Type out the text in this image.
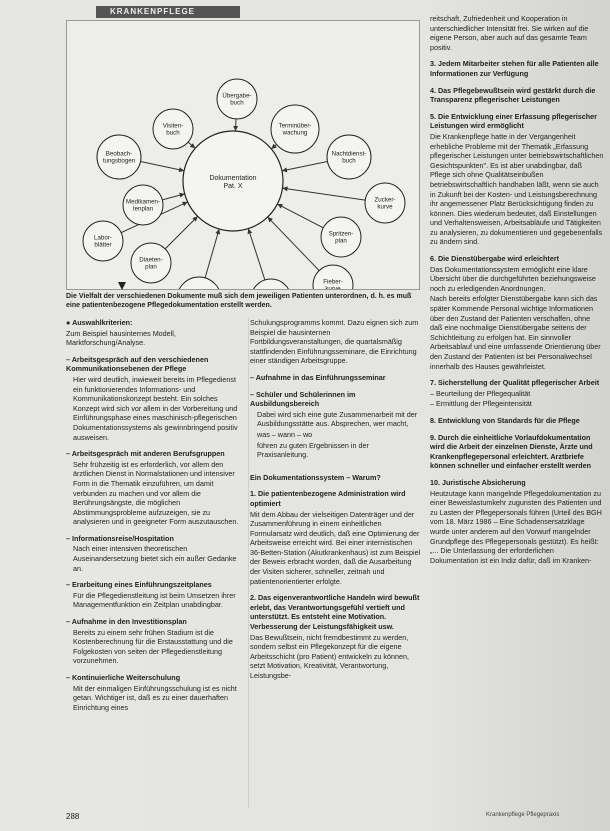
KRANKENPFLEGE
Dokumentation Pat. X
Übergabe-buch
Visiten-buch
Terminüber-wachung
Beobach-tungsbogen
Nachtdienst-buch
Medikamen-tenplan
Zucker-kurve
Labor-blätter
Spritzen-plan
Diaeten-plan
Fieber-kurve
Die Vielfalt der verschiedenen Dokumente muß sich dem jeweiligen Patienten unterordnen, d. h. es muß eine patientenbezogene Pflegedokumentation erstellt werden.

● Auswahlkriterien:

Zum Beispiel hausinternes Modell, Marktforschung/Analyse.

– Arbeitsgespräch auf den verschiedenen Kommunikationsebenen der Pflege

Hier wird deutlich, inwieweit bereits im Pflegedienst ein funktionierendes Informations- und Kommunikationskonzept besteht. Ein solches Konzept wird sich vor allem in der Vorbereitung und Einführungsphase eines maschinisch-pflegerischen Dokumentationssystems als gewinnbringend positiv ausweisen.

– Arbeitsgespräch mit anderen Berufsgruppen

Sehr frühzeitig ist es erforderlich, vor allem den ärztlichen Dienst in Normalstationen und intensiver Form in die Thematik einzuführen, um damit verbunden zu machen und vor allem die Berührungsängste, die möglichen Abstimmungsprobleme aufzuzeigen, sie zu analysieren und in geeigneter Form auszutauschen.

– Informationsreise/Hospitation

Nach einer intensiven theoretischen Auseinandersetzung bietet sich ein außer Gedanke an.

– Erarbeitung eines Einführungszeitplanes

Für die Pflegedienstleitung ist beim Umsetzen ihrer Managementfunktion ein Zeitplan unabdingbar.

– Aufnahme in den Investitionsplan

Bereits zu einem sehr frühen Stadium ist die Kostenberechnung für die Erstausstattung und die Folgekosten von seiten der Pflegedienstleitung vorzunehmen.

– Kontinuierliche Weiterschulung

Mit der einmaligen Einführungsschulung ist es nicht getan. Wichtiger ist, daß es zu einer dauerhaften Einrichtung eines

Schulungsprogramms kommt. Dazu eignen sich zum Beispiel die hausinternen Fortbildungsveranstaltungen, die quartalsmäßig stattfindenden Einführungsseminare, die Einrichtung einer ständigen Arbeitsgruppe.

– Aufnahme in das Einführungsseminar

– Schüler und Schülerinnen im Ausbildungsbereich

Dabei wird sich eine gute Zusammenarbeit mit der Ausbildungsstätte aus. Absprechen, wer macht,

was – wann – wo

führen zu guten Ergebnissen in der Praxisanleitung.

Ein Dokumentationssystem – Warum?

1. Die patientenbezogene Administration wird optimiert

Mit dem Abbau der vielseitigen Datenträger und der Zusammenführung in einem einheitlichen Formularsatz wird deutlich, daß eine Optimierung der Arbeitsweise erreicht wird. Bei einer internistischen 36-Betten-Station (Akutkrankenhaus) ist zum Beispiel der Beweis erbracht worden, daß die Ausarbeitung der Visiten sicherer, schneller, zeitnah und patientenorientierter erfolgte.

2. Das eigenverantwortliche Handeln wird bewußt erlebt, das Verantwortungsgefühl vertieft und unterstützt. Es entsteht eine Motivation. Verbesserung der Leistungsfähigkeit usw.

Das Bewußtsein, nicht fremdbestimmt zu werden, sondern selbst ein Pflegekonzept für die eigene Arbeitsschicht (pro Patient) entwickeln zu können, setzt Motivation, Kreativität, Verantwortung, Leistungsbe-

reitschaft, Zufriedenheit und Kooperation in unterschiedlicher Intensität frei. Sie wirken auf die eigene Person, aber auch auf das gesamte Team positiv.

3. Jedem Mitarbeiter stehen für alle Patienten alle Informationen zur Verfügung

4. Das Pflegebewußtsein wird gestärkt durch die Transparenz pflegerischer Leistungen

5. Die Entwicklung einer Erfassung pflegerischer Leistungen wird ermöglicht

Die Krankenpflege hatte in der Vergangenheit erhebliche Probleme mit der Thematik „Erfassung pflegerischer Leistungen unter betriebswirtschaftlichen Gesichtspunkten". Es ist aber unabdingbar, daß Pflege sich ohne Qualitätseinbußen betriebswirtschaftlich handhaben läßt, wenn sie auch in Zukunft bei der Kosten- und Leistungsberechnung ihr angemessener Platz Berücksichtigung finden zu können. Dies wiederum bedeutet, daß Einstellungen und Verhaltensweisen, Arbeitsabläufe und Tätigkeiten zu analysieren, zu dokumentieren und gegebenenfalls zu ändern sind.

6. Die Dienstübergabe wird erleichtert

Das Dokumentationssystem ermöglicht eine klare Übersicht über die durchgeführten beziehungsweise noch zu erledigenden Anordnungen.

Nach bereits erfolgter Dienstübergabe kann sich das später Kommende Personal wichtige Informationen über den Zustand der Patienten verschaffen, ohne daß eine nochmalige Dienstübergabe seitens der Schichtleitung zu erfolgen hat. Ein sinnvoller Arbeitsablauf und eine umfassende Orientierung über den Zustand der Patienten ist bei Personalwechsel innerhalb des Hauses gewährleistet.

7. Sicherstellung der Qualität pflegerischer Arbeit

– Beurteilung der Pflegequalität

– Ermittlung der Pflegeintensität

8. Entwicklung von Standards für die Pflege

9. Durch die einheitliche Vorlaufdokumentation wird die Arbeit der einzelnen Dienste, Ärzte und Krankenpflegepersonal erleichtert. Arztbriefe können schneller und einfacher erstellt werden

10. Juristische Absicherung

Heutzutage kann mangelnde Pflegedokumentation zu einer Beweislastumkehr zugunsten des Patienten und zu Lasten der Pflegepersonals führen (Urteil des BGH vom 18. März 1986 – Eine Schadensersatzklage wurde unter anderem auf den Vorwurf mangelnder Grundpflege des Pflegepersonals gestützt). Es heißt: „... Die Unterlassung der erforderlichen Dokumentation ist ein Indiz dafür, daß im Kranken-

288	Krankenpflege Pflegepraxis
